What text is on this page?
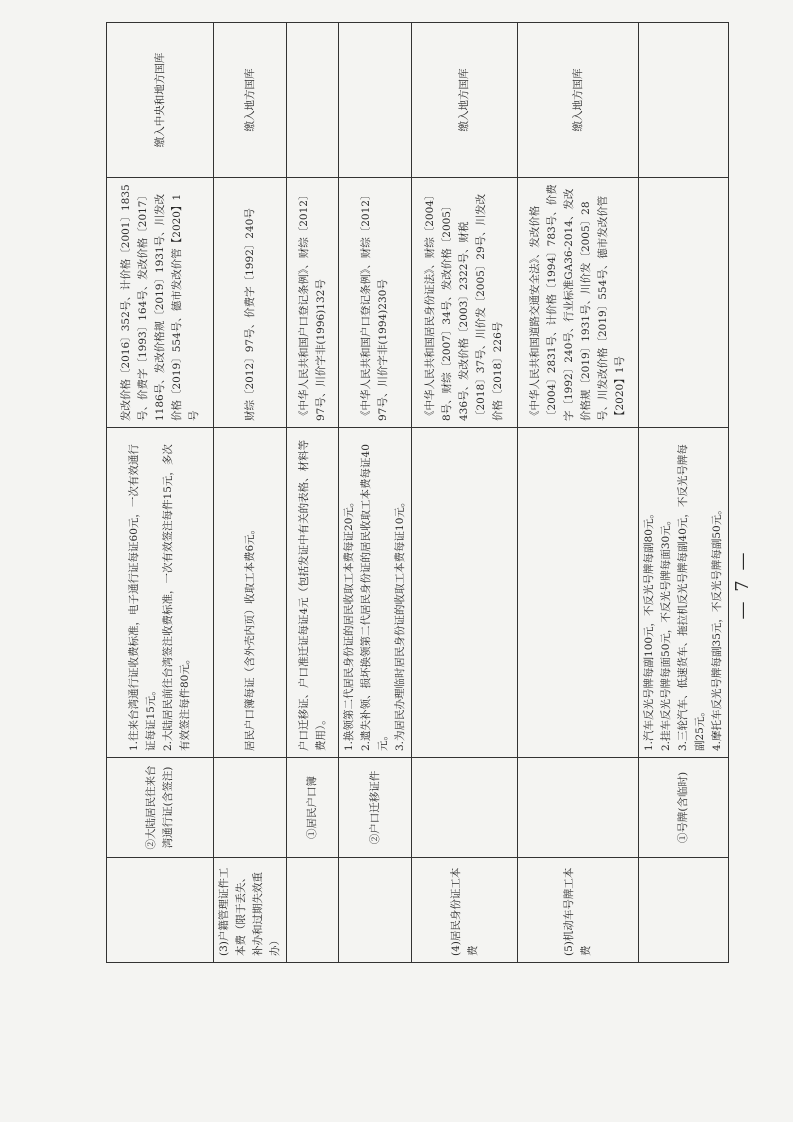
	②大陆居民往来台湾通行证(含签注)	1.往来台湾通行证收费标准，电子通行证每证60元，一次有效通行证每证15元。 2.大陆居民前往台湾签注收费标准，一次有效签注每件15元，多次有效签注每件80元。	发改价格〔2016〕352号、计价格〔2001〕1835号、价费字〔1993〕164号、发改价格〔2017〕1186号、发改价格规〔2019〕1931号、川发改价格〔2019〕554号、德市发改价管【2020】1号	缴入中央和地方国库
(3)户籍管理证件工本费（限于丢失、补办和过期失效重办）		居民户口簿每证（含外壳内页）收取工本费6元。	财综〔2012〕97号、价费字〔1992〕240号	缴入地方国库
	①居民户口簿	户口迁移证、户口准迁证每证4元（包括发证中有关的表格、材料等费用）。	《中华人民共和国户口登记条例》、财综〔2012〕97号、川价字非(1996)132号	
	②户口迁移证件	1.换领第二代居民身份证的居民收取工本费每证20元。 2.遗失补领、损坏换领第二代居民身份证的居民收取工本费每证40元。 3.为居民办理临时居民身份证的收取工本费每证10元。	《中华人民共和国户口登记条例》、财综〔2012〕97号、川价字非(1994)230号	
(4)居民身份证工本费			《中华人民共和国居民身份证法》、财综〔2004〕8号、财综〔2007〕34号、发改价格〔2005〕436号、发改价格〔2003〕2322号、财税〔2018〕37号、川价发〔2005〕29号、川发改价格〔2018〕226号	缴入地方国库
(5)机动车号牌工本费			《中华人民共和国道路交通安全法》、发改价格〔2004〕2831号、计价格〔1994〕783号、价费字〔1992〕240号、行业标准GA36-2014、发改价格规〔2019〕1931号、川价发〔2005〕28号、川发改价格〔2019〕554号、德市发改价管【2020】1号	缴入地方国库
	①号牌(含临时)	1.汽车反光号牌每副100元，不反光号牌每副80元。 2.挂车反光号牌每面50元，不反光号牌每面30元。 3.三轮汽车、低速货车、拖拉机反光号牌每副40元，不反光号牌每副25元。 4.摩托车反光号牌每副35元，不反光号牌每副50元。		
		— 7 —
